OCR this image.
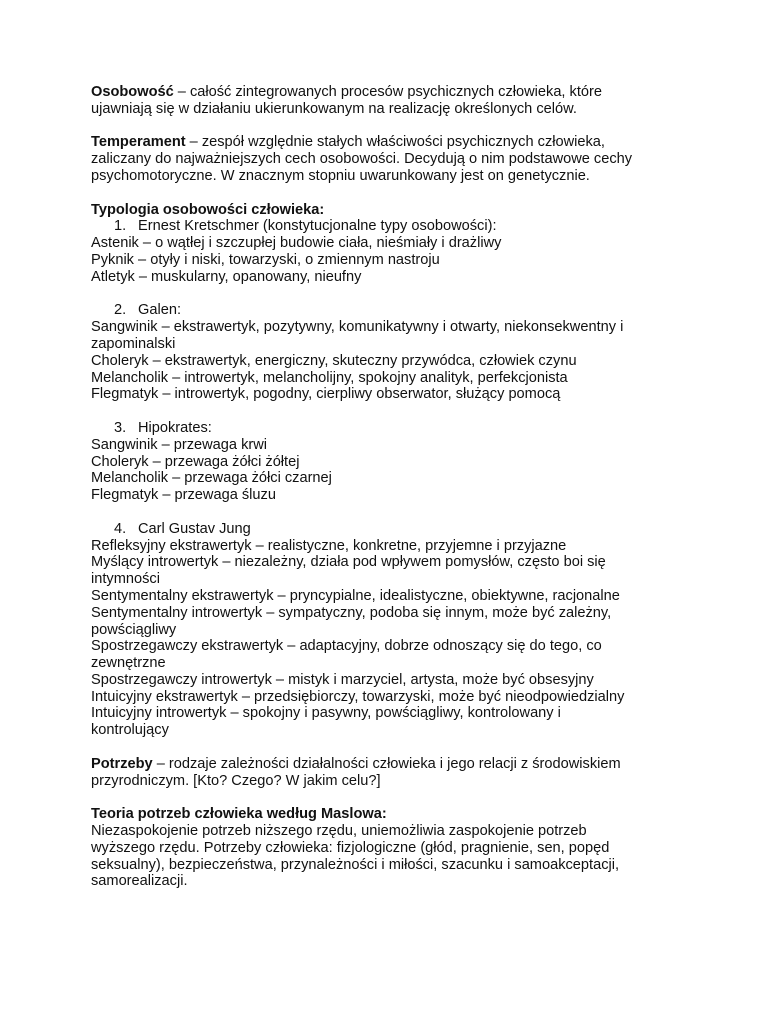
Osobowość – całość zintegrowanych procesów psychicznych człowieka, które
ujawniają się w działaniu ukierunkowanym na realizację określonych celów.

Temperament – zespół względnie stałych właściwości psychicznych człowieka,
zaliczany do najważniejszych cech osobowości. Decydują o nim podstawowe cechy
psychomotoryczne. W znacznym stopniu uwarunkowany jest on genetycznie.

Typologia osobowości człowieka:
1. Ernest Kretschmer (konstytucjonalne typy osobowości):
Astenik – o wątłej i szczupłej budowie ciała, nieśmiały i drażliwy
Pyknik – otyły i niski, towarzyski, o zmiennym nastroju
Atletyk – muskularny, opanowany, nieufny

2. Galen:
Sangwinik – ekstrawertyk, pozytywny, komunikatywny i otwarty, niekonsekwentny i
zapominalski
Choleryk – ekstrawertyk, energiczny, skuteczny przywódca, człowiek czynu
Melancholik – introwertyk, melancholijny, spokojny analityk, perfekcjonista
Flegmatyk – introwertyk, pogodny, cierpliwy obserwator, służący pomocą

3. Hipokrates:
Sangwinik – przewaga krwi
Choleryk – przewaga żółci żółtej
Melancholik – przewaga żółci czarnej
Flegmatyk – przewaga śluzu

4. Carl Gustav Jung
Refleksyjny ekstrawertyk – realistyczne, konkretne, przyjemne i przyjazne
Myślący introwertyk – niezależny, działa pod wpływem pomysłów, często boi się
intymności
Sentymentalny ekstrawertyk – pryncypialne, idealistyczne, obiektywne, racjonalne
Sentymentalny introwertyk – sympatyczny, podoba się innym, może być zależny,
powściągliwy
Spostrzegawczy ekstrawertyk – adaptacyjny, dobrze odnoszący się do tego, co
zewnętrzne
Spostrzegawczy introwertyk – mistyk i marzyciel, artysta, może być obsesyjny
Intuicyjny ekstrawertyk – przedsiębiorczy, towarzyski, może być nieodpowiedzialny
Intuicyjny introwertyk – spokojny i pasywny, powściągliwy, kontrolowany i
kontrolujący

Potrzeby – rodzaje zależności działalności człowieka i jego relacji z środowiskiem
przyrodniczym. [Kto? Czego? W jakim celu?]

Teoria potrzeb człowieka według Maslowa:
Niezaspokojenie potrzeb niższego rzędu, uniemożliwia zaspokojenie potrzeb
wyższego rzędu. Potrzeby człowieka: fizjologiczne (głód, pragnienie, sen, popęd
seksualny), bezpieczeństwa, przynależności i miłości, szacunku i samoakceptacji,
samorealizacji.
